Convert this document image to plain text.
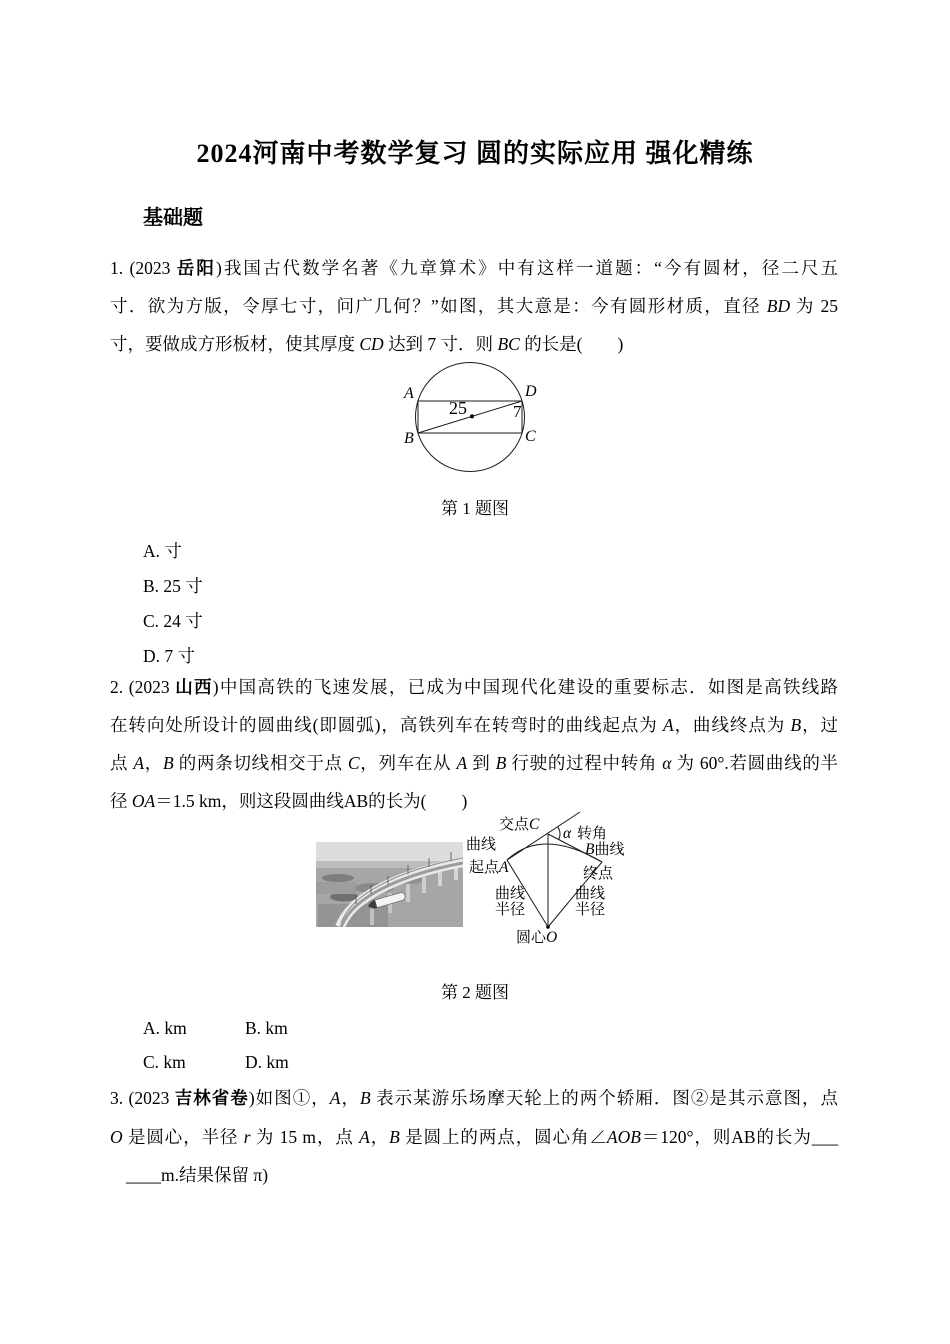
2024河南中考数学复习 圆的实际应用 强化精练
基础题
1. (2023 岳阳)我国古代数学名著《九章算术》中有这样一道题：“今有圆材，径二尺五
寸．欲为方版，令厚七寸，问广几何？”如图，其大意是：今有圆形材质，直径 BD 为 25
寸，要做成方形板材，使其厚度 CD 达到 7 寸．则 BC 的长是(　　)
A	D
B	C
25	7
第 1 题图
A. 寸
B. 25 寸
C. 24 寸
D. 7 寸
2. (2023 山西)中国高铁的飞速发展，已成为中国现代化建设的重要标志．如图是高铁线路
在转向处所设计的圆曲线(即圆弧)，高铁列车在转弯时的曲线起点为 A，曲线终点为 B，过
点 A，B 的两条切线相交于点 C，列车在从 A 到 B 行驶的过程中转角 α 为 60°.若圆曲线的半
径 OA＝1.5 km，则这段圆曲线AB的长为(　　)
交点C
α 转角
曲线
起点A
B曲线
终点
曲线
半径
曲线
半径
圆心O
第 2 题图
A. km	B. km
C. km	D. km
3. (2023 吉林省卷)如图①，A，B 表示某游乐场摩天轮上的两个轿厢．图②是其示意图，点
O 是圆心，半径 r 为 15 m，点 A，B 是圆上的两点，圆心角∠AOB＝120°，则AB的长为___
____m.结果保留 π)
